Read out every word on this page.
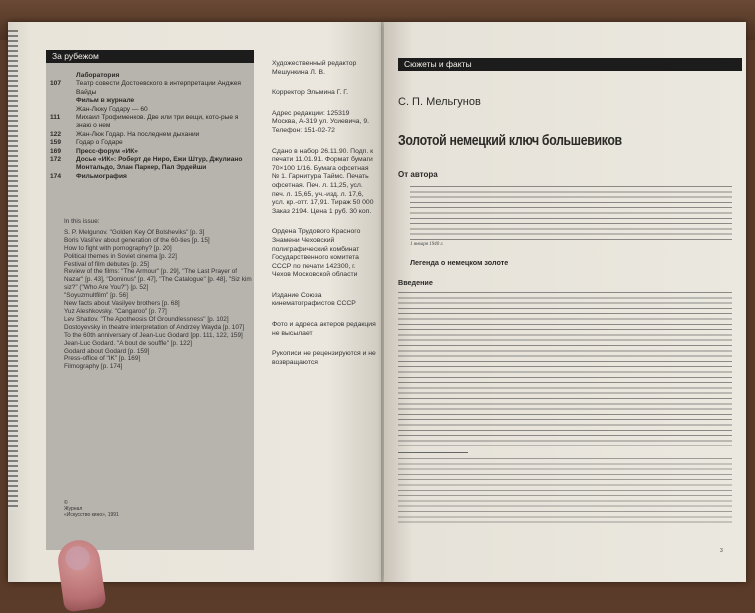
За рубежом
Лаборатория
107	Театр совести Достоевского в интерпретации Анджея Вайды
Фильм в журнале
Жан-Люку Годару — 60
111	Михаил Трофименков. Две или три вещи, кото-рые я знаю о нем
122	Жан-Люк Годар. На последнем дыхании
159	Годар о Годаре
169	Пресс-форум «ИК»
172	Досье «ИК»: Роберт де Ниро, Ежи Штур, Джулиано Монтальдо, Элан Паркер, Пал Эрдейши
174	Фильмография
In this issue:
S. P. Melgunov. "Golden Key Of Bolsheviks" [p. 3]
Boris Vasil'ev about generation of the 60-ties [p. 15]
How to fight with pornography? [p. 20]
Political themes in Soviet cinema [p. 22]
Festival of film debutes [p. 25]
Review of the films: "The Armour" [p. 29], "The Last Prayer of Nazar" [p. 43], "Dominus" [p. 47], "The Catalogue" [p. 48], "Siz kim siz?" ("Who Are You?") [p. 52]
"Soyuzmultfilm" [p. 56]
New facts about Vasilyev brothers [p. 68]
Yuz Aleshkovsky. "Cangaroo" [p. 77]
Lev Shatlov. "The Apotheosis Of Groundlessness" [p. 102]
Dostoyevsky in theatre interpretation of Andrzey Wayda [p. 107]
To the 60th anniversary of Jean-Luc Godard [pp. 111, 122, 159]
Jean-Luc Godard. "A bout de souffle" [p. 122]
Godard about Godard [p. 159]
Press-office of "IK" [p. 169]
Filmography [p. 174]

Художественный редактор Мешункина Л. В.

Корректор Эльмина Г. Г.

Адрес редакции: 125319 Москва, А-319 ул. Усиевича, 9. Телефон: 151-02-72

Сдано в набор 26.11.90. Подп. к печати 11.01.91. Формат бумаги 70×100 1/16. Бумага офсетная № 1. Гарнитура Таймс. Печать офсетная. Печ. л. 11,25, усл. печ. л. 15,65, уч.-изд. л. 17,6, усл. кр.-отт. 17,91. Тираж 50 000 Заказ 2194. Цена 1 руб. 30 коп.

Ордена Трудового Красного Знамени Чеховский полиграфический комбинат Государственного комитета СССР по печати 142300, г. Чехов Московской области

Издание Союза кинематографистов СССР

Фото и адреса актеров редакция не высылает

Рукописи не рецензируются и не возвращаются

©
Журнал
«Искусство кино», 1991
Сюжеты и факты
С. П. Мельгунов
Золотой немецкий ключ большевиков
От автора
1 января 1940 г.
Легенда о немецком золоте
Введение
3
